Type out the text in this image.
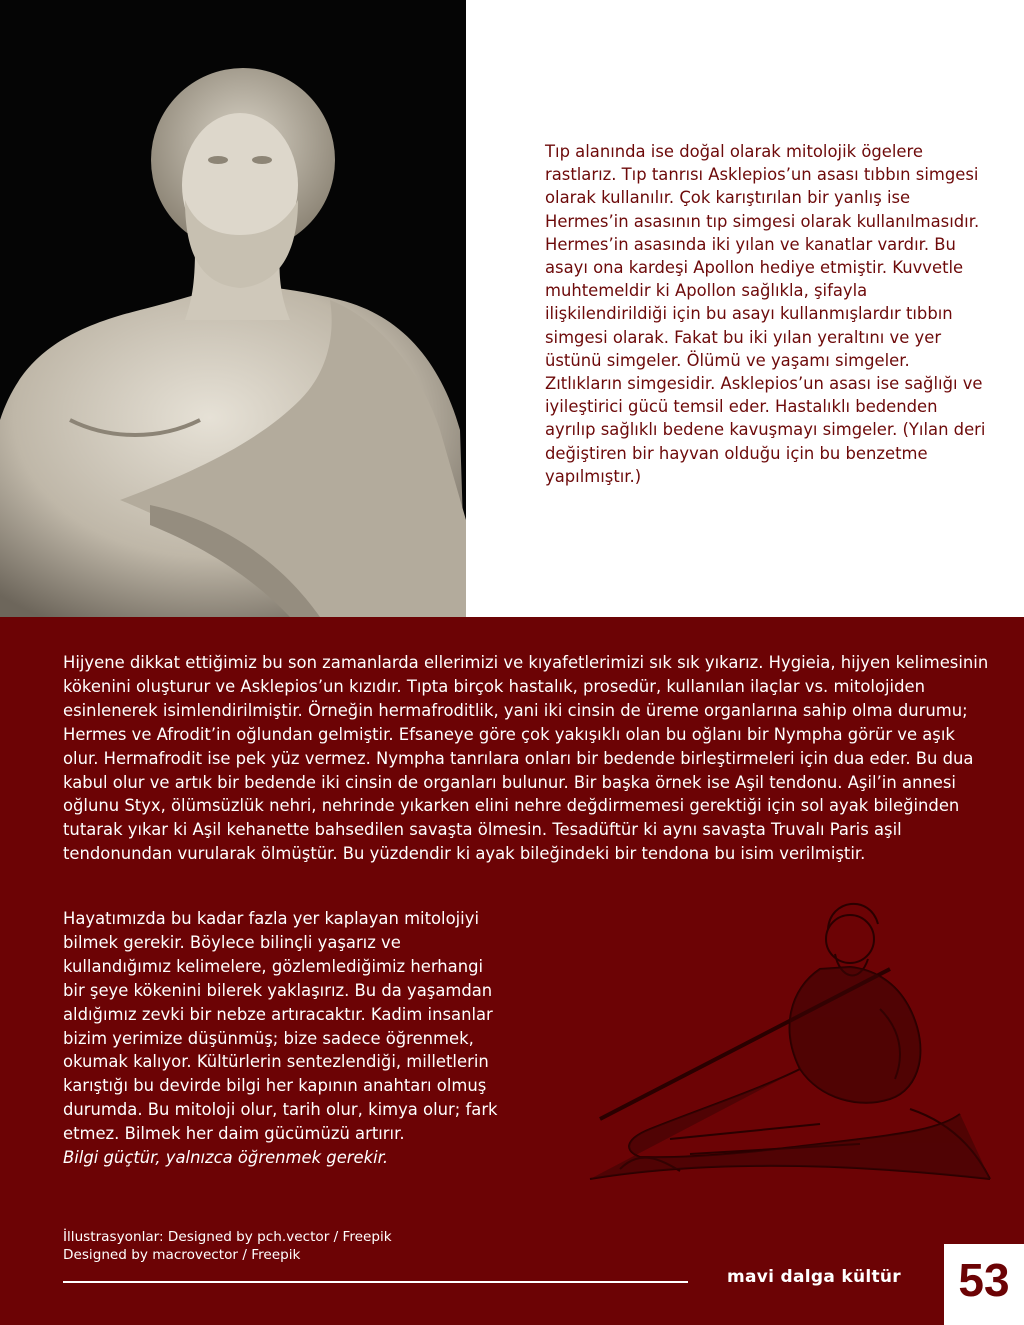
Tıp alanında ise doğal olarak mitolojik ögelere rastlarız. Tıp tanrısı Asklepios’un asası tıbbın simgesi olarak kullanılır. Çok karıştırılan bir yanlış ise Hermes’in asasının tıp simgesi olarak kullanılmasıdır. Hermes’in asasında iki yılan ve kanatlar vardır. Bu asayı ona kardeşi Apollon hediye etmiştir. Kuvvetle muhtemeldir ki Apollon sağlıkla, şifayla ilişkilendirildiği için bu asayı kullanmışlardır tıbbın simgesi olarak. Fakat bu iki yılan yeraltını ve yer üstünü simgeler. Ölümü ve yaşamı simgeler. Zıtlıkların simgesidir. Asklepios’un asası ise sağlığı ve iyileştirici gücü temsil eder. Hastalıklı bedenden ayrılıp sağlıklı bedene kavuşmayı simgeler. (Yılan deri değiştiren bir hayvan olduğu için bu benzetme yapılmıştır.)

Hijyene dikkat ettiğimiz bu son zamanlarda ellerimizi ve kıyafetlerimizi sık sık yıkarız. Hygieia, hijyen kelimesinin kökenini oluşturur ve Asklepios’un kızıdır. Tıpta birçok hastalık, prosedür, kullanılan ilaçlar vs. mitolojiden esinlenerek isimlendirilmiştir. Örneğin hermafroditlik, yani iki cinsin de üreme organlarına sahip olma durumu; Hermes ve Afrodit’in oğlundan gelmiştir. Efsaneye göre çok yakışıklı olan bu oğlanı bir Nympha görür ve aşık olur. Hermafrodit ise pek yüz vermez. Nympha tanrılara onları bir bedende birleştirmeleri için dua eder. Bu dua kabul olur ve artık bir bedende iki cinsin de organları bulunur. Bir başka örnek ise Aşil tendonu. Aşil’in annesi oğlunu Styx, ölümsüzlük nehri, nehrinde yıkarken elini nehre değdirmemesi gerektiği için sol ayak bileğinden tutarak yıkar ki Aşil kehanette bahsedilen savaşta ölmesin. Tesadüftür ki aynı savaşta Truvalı Paris aşil tendonundan vurularak ölmüştür. Bu yüzdendir ki ayak bileğindeki bir tendona bu isim verilmiştir.

Hayatımızda bu kadar fazla yer kaplayan mitolojiyi bilmek gerekir. Böylece bilinçli yaşarız ve kullandığımız kelimelere, gözlemlediğimiz herhangi bir şeye kökenini bilerek yaklaşırız. Bu da yaşamdan aldığımız zevki bir nebze artıracaktır. Kadim insanlar bizim yerimize düşünmüş; bize sadece öğrenmek, okumak kalıyor. Kültürlerin sentezlendiği, milletlerin karıştığı bu devirde bilgi her kapının anahtarı olmuş durumda. Bu mitoloji olur, tarih olur, kimya olur; fark etmez. Bilmek her daim gücümüzü artırır.
Bilgi güçtür, yalnızca öğrenmek gerekir.

İllustrasyonlar: Designed by pch.vector / Freepik
Designed by macrovector / Freepik
mavi dalga kültür	53
